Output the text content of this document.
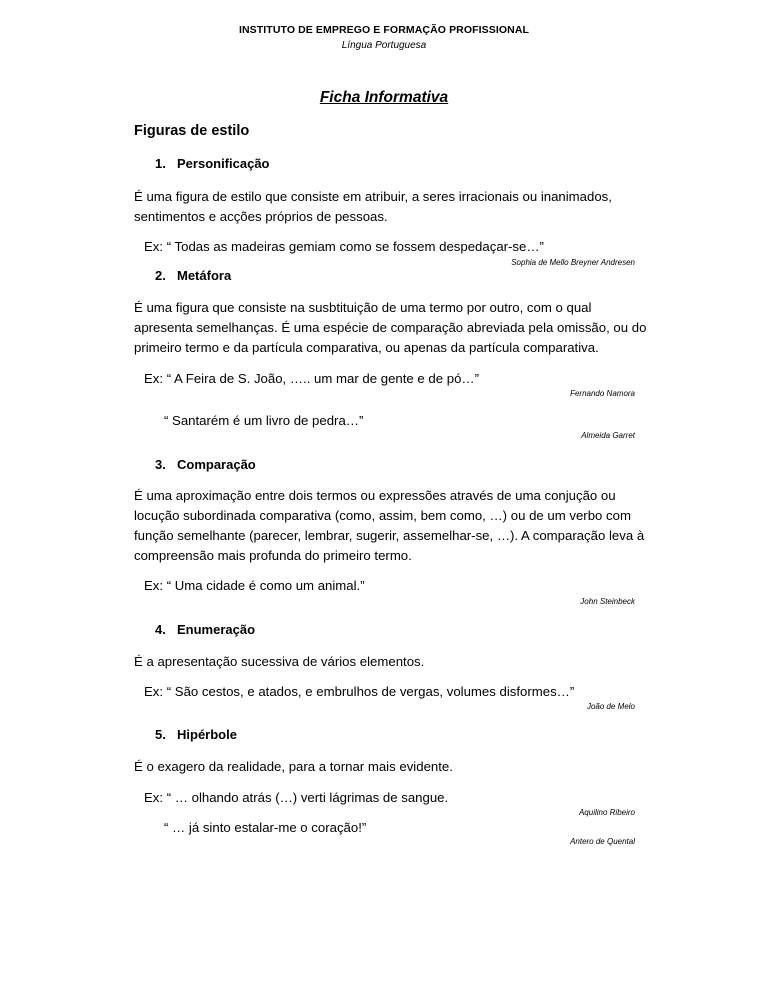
INSTITUTO DE EMPREGO E FORMAÇÃO PROFISSIONAL
Língua Portuguesa
Ficha Informativa
Figuras de estilo
1. Personificação
É uma figura de estilo que consiste em atribuir, a seres irracionais ou inanimados,
sentimentos e acções próprios de pessoas.
Ex: “ Todas as madeiras gemiam como se fossem despedaçar-se…”
Sophia de Mello Breyner Andresen
2. Metáfora
É uma figura que consiste na susbtituição de uma termo por outro, com o qual
apresenta semelhanças. É uma espécie de comparação abreviada pela omissão, ou do
primeiro termo e da partícula comparativa, ou apenas da partícula comparativa.
Ex: “ A Feira de S. João, ….. um mar de gente e de pó…”
Fernando Namora
“ Santarém é um livro de pedra…”
Almeida Garret
3. Comparação
É uma aproximação entre dois termos ou expressões através de uma conjução ou
locução subordinada comparativa (como, assim, bem como, …) ou de um verbo com
função semelhante (parecer, lembrar, sugerir, assemelhar-se, …). A comparação leva à
compreensão mais profunda do primeiro termo.
Ex: “ Uma cidade é como um animal.”
John Steinbeck
4. Enumeração
É a apresentação sucessiva de vários elementos.
Ex: “ São cestos, e atados, e embrulhos de vergas, volumes disformes…”
João de Melo
5. Hipérbole
É o exagero da realidade, para a tornar mais evidente.
Ex: “ … olhando atrás (…) verti lágrimas de sangue.
Aquilino Ribeiro
“ … já sinto estalar-me o coração!”
Antero de Quental
